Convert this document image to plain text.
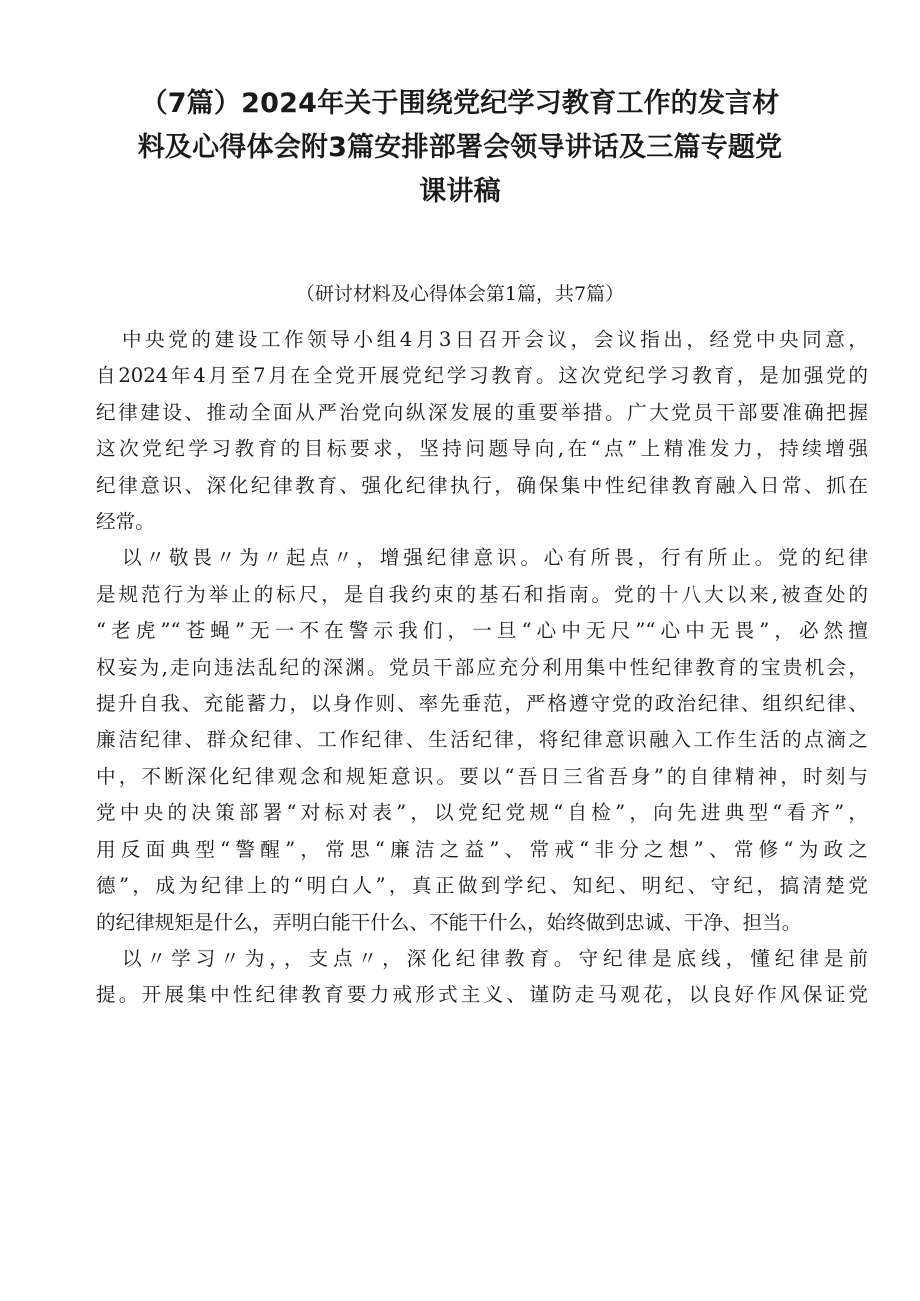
（7篇）2024年关于围绕党纪学习教育工作的发言材
料及心得体会附3篇安排部署会领导讲话及三篇专题党
课讲稿

（研讨材料及心得体会第1篇，共7篇）

中央党的建设工作领导小组4月3日召开会议，会议指出，经党中央同意，
自2024年4月至7月在全党开展党纪学习教育。这次党纪学习教育，是加强党的
纪律建设、推动全面从严治党向纵深发展的重要举措。广大党员干部要准确把握
这次党纪学习教育的目标要求，坚持问题导向,在“点”上精准发力，持续增强
纪律意识、深化纪律教育、强化纪律执行，确保集中性纪律教育融入日常、抓在
经常。

以〃敬畏〃为〃起点〃，增强纪律意识。心有所畏，行有所止。党的纪律
是规范行为举止的标尺，是自我约束的基石和指南。党的十八大以来,被查处的
“老虎”“苍蝇”无一不在警示我们，一旦“心中无尺”“心中无畏”，必然擅
权妄为,走向违法乱纪的深渊。党员干部应充分利用集中性纪律教育的宝贵机会，
提升自我、充能蓄力，以身作则、率先垂范，严格遵守党的政治纪律、组织纪律、
廉洁纪律、群众纪律、工作纪律、生活纪律，将纪律意识融入工作生活的点滴之
中，不断深化纪律观念和规矩意识。要以“吾日三省吾身”的自律精神，时刻与
党中央的决策部署“对标对表”，以党纪党规“自检”，向先进典型“看齐”，
用反面典型“警醒”，常思“廉洁之益”、常戒“非分之想”、常修“为政之
德”，成为纪律上的“明白人”，真正做到学纪、知纪、明纪、守纪，搞清楚党
的纪律规矩是什么，弄明白能干什么、不能干什么，始终做到忠诚、干净、担当。

以〃学习〃为，，支点〃，深化纪律教育。守纪律是底线，懂纪律是前
提。开展集中性纪律教育要力戒形式主义、谨防走马观花，以良好作风保证党
